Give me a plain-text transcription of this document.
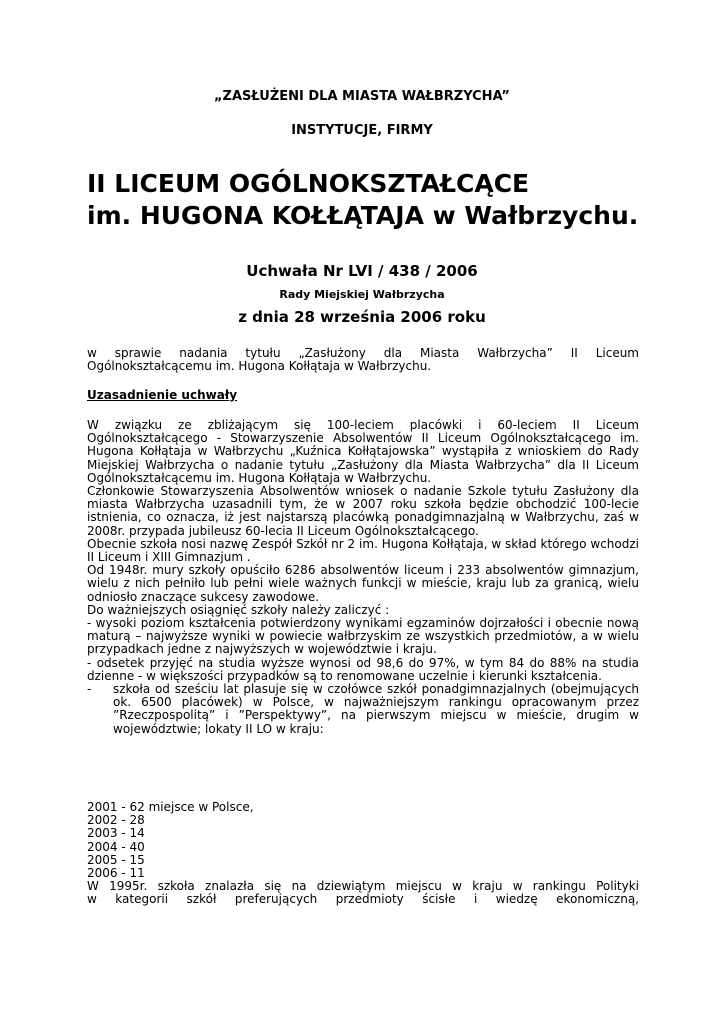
„ZASŁUŻENI DLA MIASTA WAŁBRZYCHA”

INSTYTUCJE, FIRMY

II LICEUM OGÓLNOKSZTAŁCĄCE
im. HUGONA KOŁŁĄTAJA w Wałbrzychu.

Uchwała Nr LVI / 438 / 2006

Rady Miejskiej Wałbrzycha

z dnia 28 września 2006 roku

w sprawie nadania tytułu „Zasłużony dla Miasta Wałbrzycha” II Liceum Ogólnokształcącemu im. Hugona Kołłątaja w Wałbrzychu.

Uzasadnienie uchwały

W związku ze zbliżającym się 100-leciem placówki i 60-leciem II Liceum Ogólnokształcącego - Stowarzyszenie Absolwentów II Liceum Ogólnokształcącego im. Hugona Kołłątaja w Wałbrzychu „Kuźnica Kołłątajowska” wystąpiła z wnioskiem do Rady Miejskiej Wałbrzycha o nadanie tytułu „Zasłużony dla Miasta Wałbrzycha” dla II Liceum Ogólnokształcącemu im. Hugona Kołłątaja w Wałbrzychu.
Członkowie Stowarzyszenia Absolwentów wniosek o nadanie Szkole tytułu Zasłużony dla miasta Wałbrzycha uzasadnili tym, że w 2007 roku szkoła będzie obchodzić 100-lecie istnienia, co oznacza, iż jest najstarszą placówką ponadgimnazjalną w Wałbrzychu, zaś w 2008r. przypada jubileusz 60-lecia II Liceum Ogólnokształcącego.
Obecnie szkoła nosi nazwę Zespół Szkół nr 2 im. Hugona Kołłątaja, w skład którego wchodzi II Liceum i XIII Gimnazjum .
Od 1948r. mury szkoły opuściło 6286 absolwentów liceum i 233 absolwentów gimnazjum, wielu z nich pełniło lub pełni wiele ważnych funkcji w mieście, kraju lub za granicą, wielu odniosło znaczące sukcesy zawodowe.
Do ważniejszych osiągnięć szkoły należy zaliczyć :
- wysoki poziom kształcenia potwierdzony wynikami egzaminów dojrzałości i obecnie nową maturą – najwyższe wyniki w powiecie wałbrzyskim ze wszystkich przedmiotów, a w wielu przypadkach jedne z najwyższych w województwie i kraju.
- odsetek przyjęć na studia wyższe wynosi od 98,6 do 97%, w tym 84 do 88% na studia dzienne - w większości przypadków są to renomowane uczelnie i kierunki kształcenia.
- szkoła od sześciu lat plasuje się w czołówce szkół ponadgimnazjalnych (obejmujących ok. 6500 placówek) w Polsce, w najważniejszym rankingu opracowanym przez ”Rzeczpospolitą” i ”Perspektywy”, na pierwszym miejscu w mieście, drugim w województwie; lokaty II LO w kraju:
2001 - 62 miejsce w Polsce,
2002 - 28
2003 - 14
2004 - 40
2005 - 15
2006 - 11
W 1995r. szkoła znalazła się na dziewiątym miejscu w kraju w rankingu Polityki
w kategorii szkół preferujących przedmioty ścisłe i wiedzę ekonomiczną,
